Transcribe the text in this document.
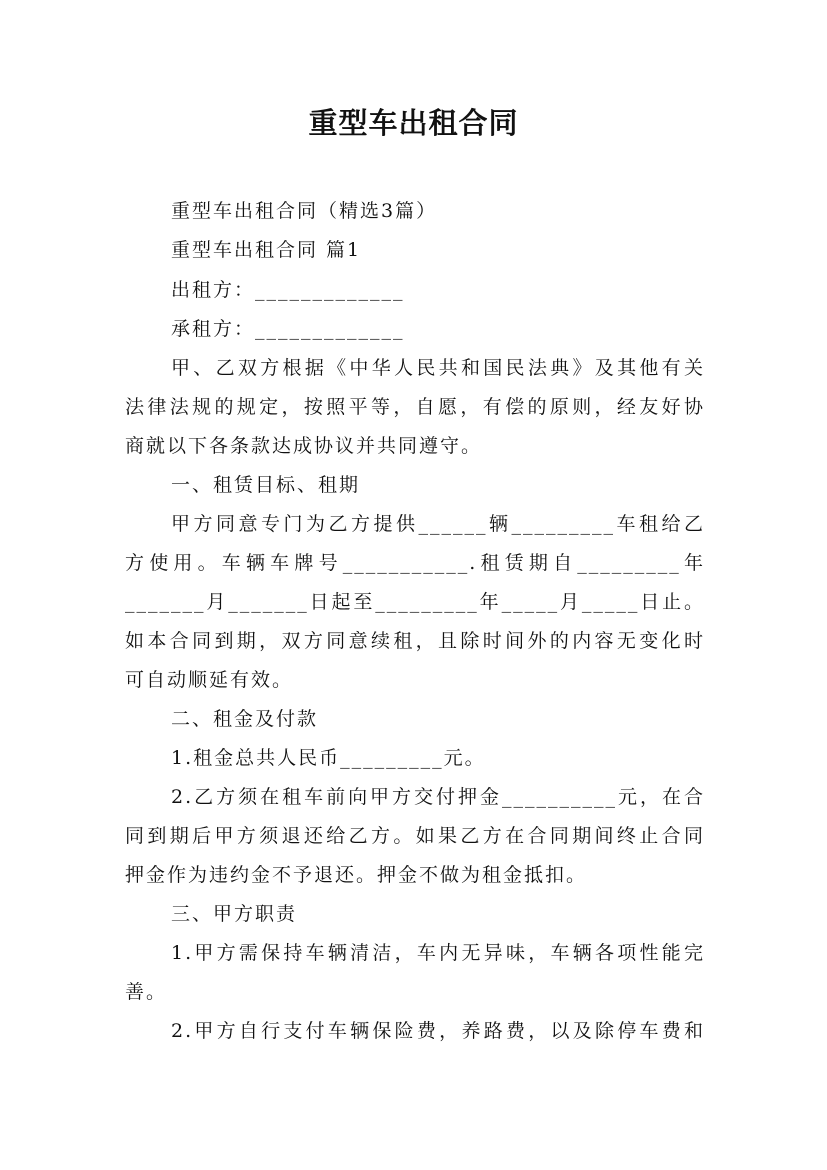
重型车出租合同
重型车出租合同（精选3篇）
重型车出租合同 篇1
出租方：_____________
承租方：_____________
甲、乙双方根据《中华人民共和国民法典》及其他有关
法律法规的规定，按照平等，自愿，有偿的原则，经友好协
商就以下各条款达成协议并共同遵守。
一、租赁目标、租期
甲方同意专门为乙方提供______辆_________车租给乙
方使用。车辆车牌号___________.租赁期自_________年
_______月_______日起至_________年_____月_____日止。
如本合同到期，双方同意续租，且除时间外的内容无变化时
可自动顺延有效。
二、租金及付款
1.租金总共人民币_________元。
2.乙方须在租车前向甲方交付押金__________元，在合
同到期后甲方须退还给乙方。如果乙方在合同期间终止合同
押金作为违约金不予退还。押金不做为租金抵扣。
三、甲方职责
1.甲方需保持车辆清洁，车内无异味，车辆各项性能完
善。
2.甲方自行支付车辆保险费，养路费，以及除停车费和
